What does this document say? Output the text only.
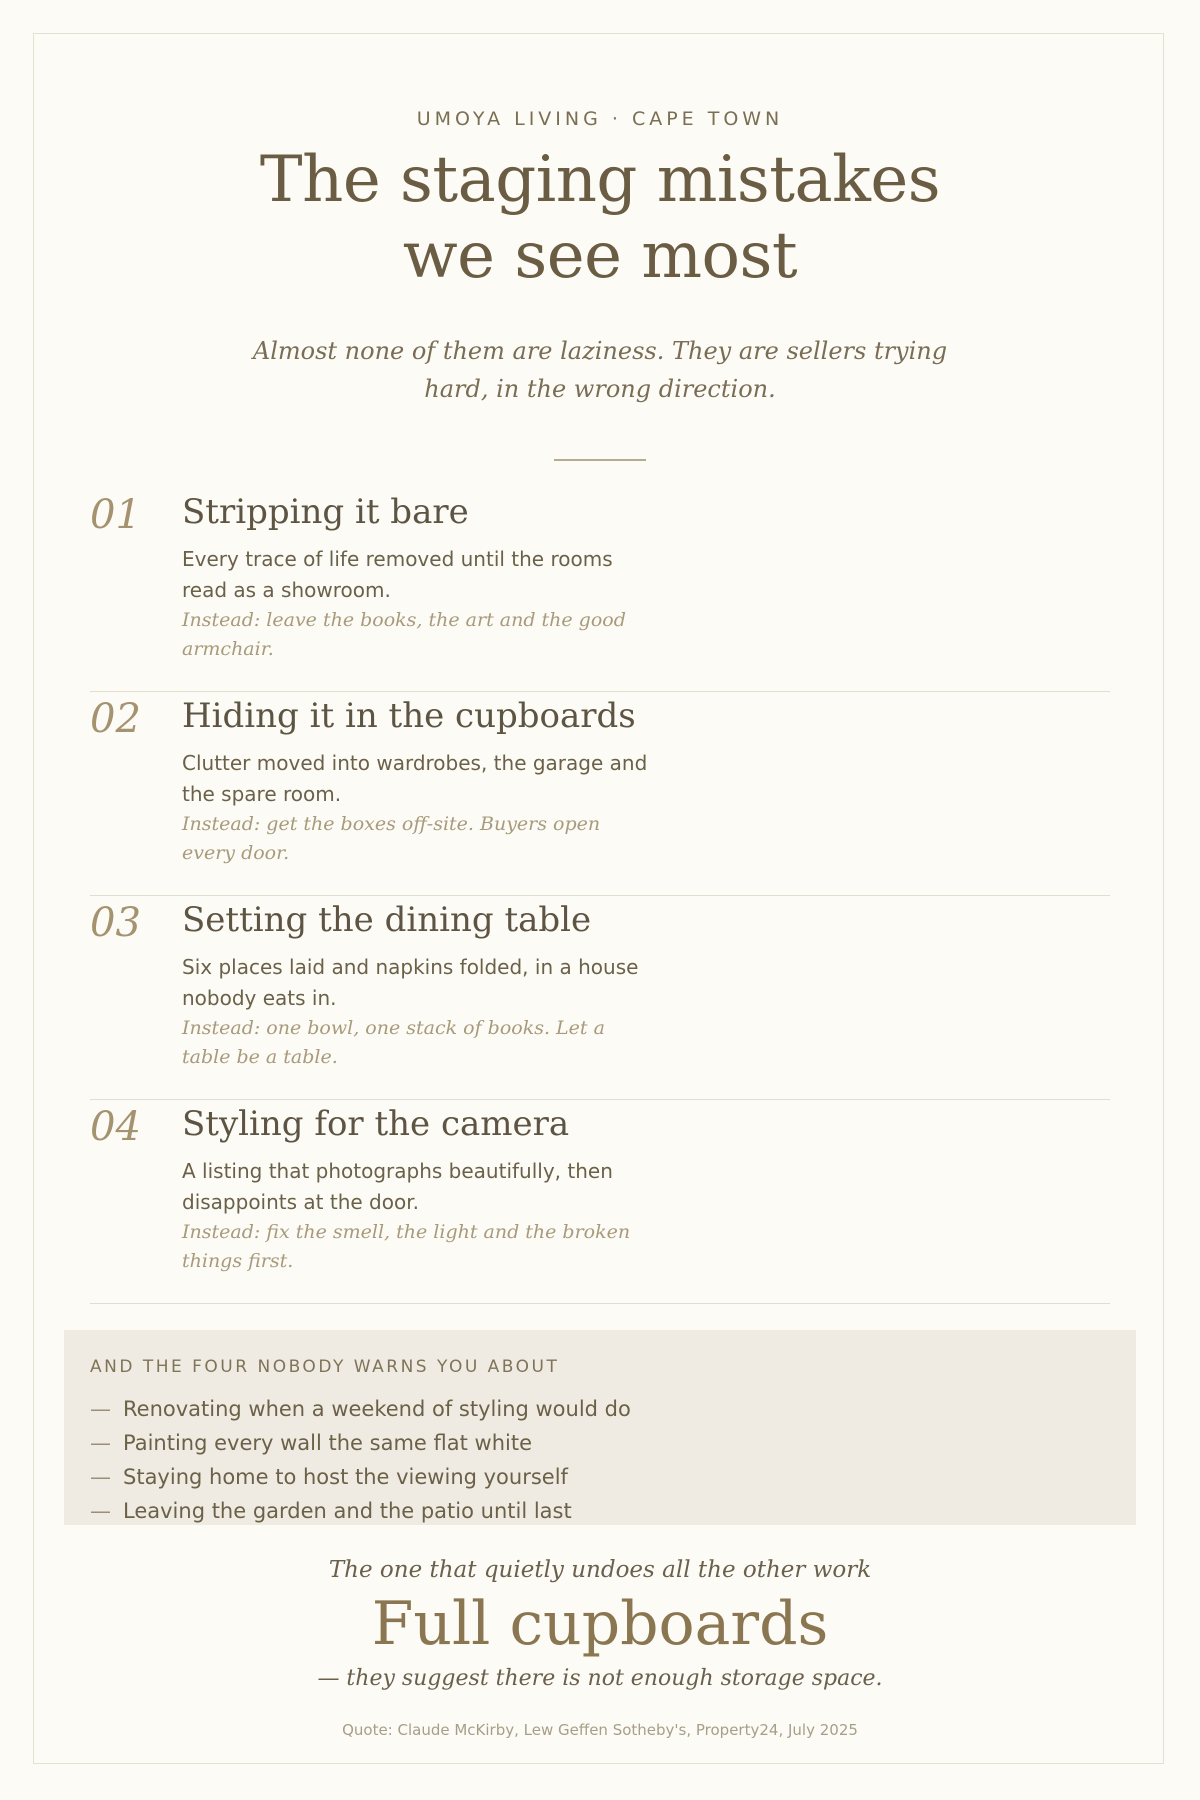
UMOYA LIVING · CAPE TOWN
The staging mistakes
we see most
Almost none of them are laziness. They are sellers trying hard, in the wrong direction.
01 Stripping it bare
Every trace of life removed until the rooms read as a showroom.
Instead: leave the books, the art and the good armchair.
02 Hiding it in the cupboards
Clutter moved into wardrobes, the garage and the spare room.
Instead: get the boxes off-site. Buyers open every door.
03 Setting the dining table
Six places laid and napkins folded, in a house nobody eats in.
Instead: one bowl, one stack of books. Let a table be a table.
04 Styling for the camera
A listing that photographs beautifully, then disappoints at the door.
Instead: fix the smell, the light and the broken things first.
AND THE FOUR NOBODY WARNS YOU ABOUT
— Renovating when a weekend of styling would do
— Painting every wall the same flat white
— Staying home to host the viewing yourself
— Leaving the garden and the patio until last
The one that quietly undoes all the other work
Full cupboards
— they suggest there is not enough storage space.
Quote: Claude McKirby, Lew Geffen Sotheby's, Property24, July 2025
